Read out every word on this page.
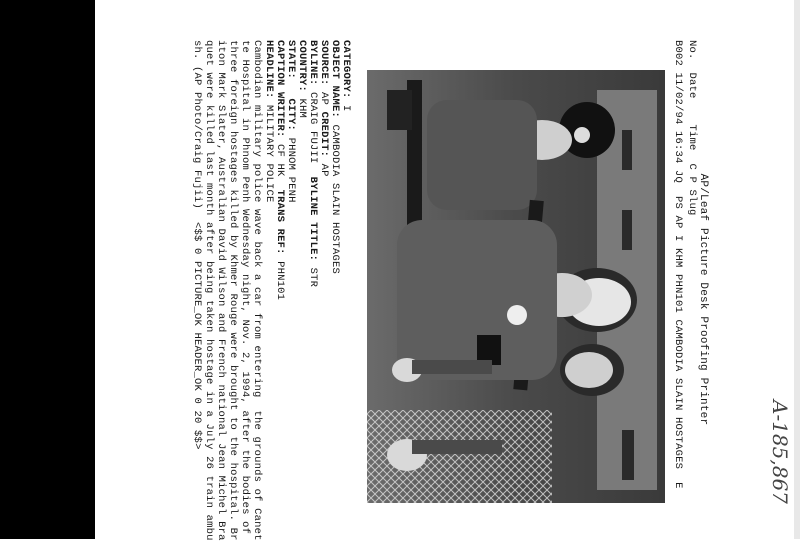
AP/Leaf Picture Desk Proofing Printer

No.  Date    Time  C P Slug
B002 11/02/94 16:34 JQ  PS AP I KHM PHN101 CAMBODIA SLAIN HOSTAGES  E
CATEGORY: I
OBJECT NAME: CAMBODIA SLAIN HOSTAGES
SOURCE: AP CREDIT: AP
BYLINE: CRAIG FUJII  BYLINE TITLE: STR
COUNTRY: KHM
STATE:   CITY: PHNOM PENH
CAPTION WRITER: CF HK  TRANS REF: PHN101
HEADLINE: MILITARY POLICE
Cambodian military police wave back a car from entering  the grounds of Canet
te Hospital in Phnom Penh Wednesday night, Nov. 2, 1994, after the bodies of
three foreign hostages killed by Khmer Rouge were brought to the hospital. Br
iton Mark Slater, Australian David Wilson and French national Jean Michel Bra
quet were killed last month after being taken hostage in a July 26 train ambu
sh. (AP Photo/Craig Fujii)  <$$ 0 PICTURE_OK HEADER_OK 0 20 $$>
A-185,867
